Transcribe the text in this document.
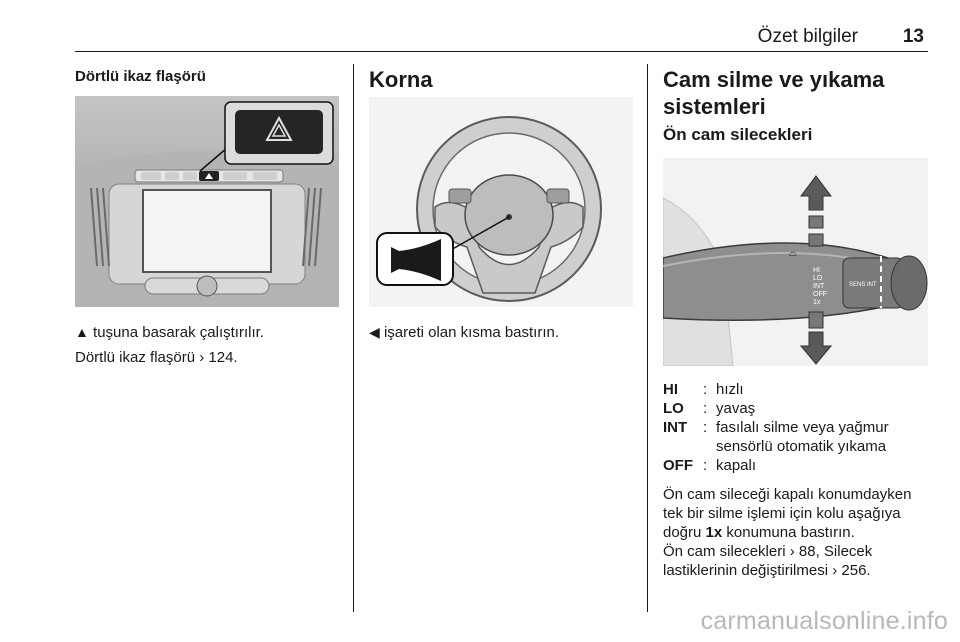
Özet bilgiler 13
Dörtlü ikaz flaşörü
▲ tuşuna basarak çalıştırılır.
Dörtlü ikaz flaşörü › 124.
Korna
◀ işareti olan kısma bastırın.
Cam silme ve yıkama sistemleri
Ön cam silecekleri
⌓
HI
LO
INT
OFF
1x
SENS INT
HI	: hızlı
LO	: yavaş
INT	: fasılalı silme veya yağmur sensörlü otomatik yıkama
OFF : kapalı
Ön cam sileceği kapalı konumdayken tek bir silme işlemi için kolu aşağıya doğru 1x konumuna bastırın.
Ön cam silecekleri › 88, Silecek lastiklerinin değiştirilmesi › 256.
carmanualsonline.info
